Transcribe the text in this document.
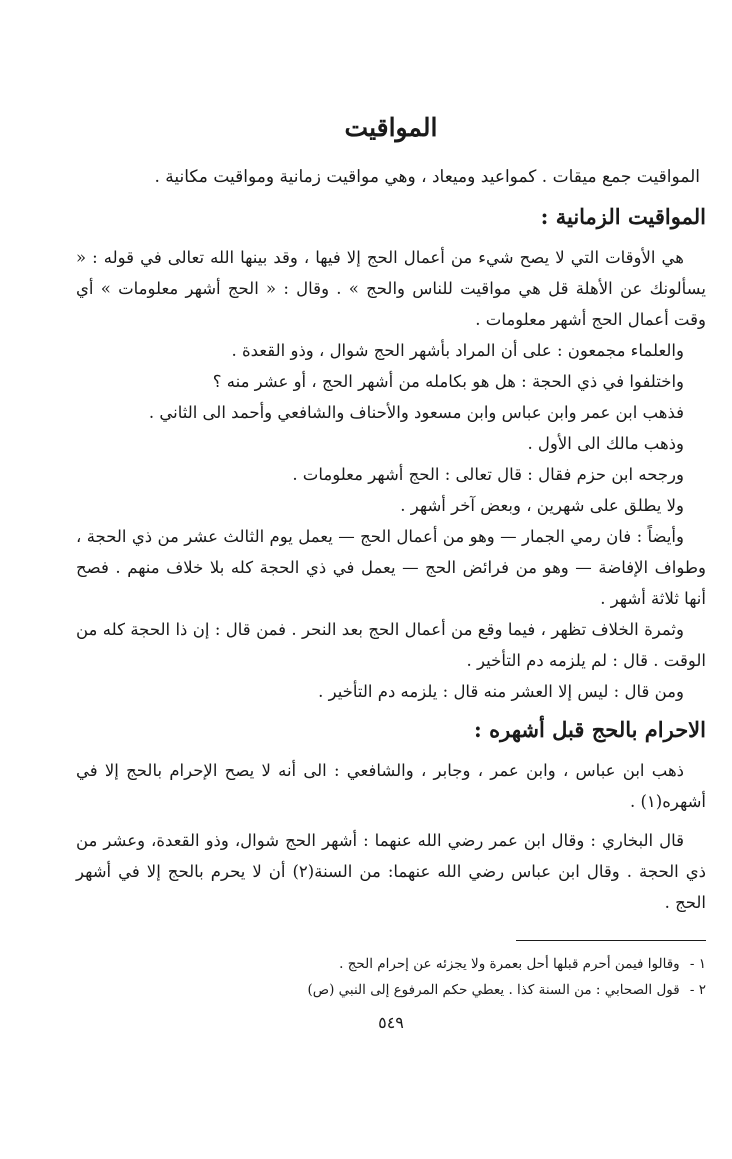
المواقيت

المواقيت جمع ميقات . كمواعيد وميعاد ، وهي مواقيت زمانية ومواقيت مكانية .

المواقيت الزمانية :

هي الأوقات التي لا يصح شيء من أعمال الحج إلا فيها ، وقد بينها الله تعالى في قوله : « يسألونك عن الأهلة قل هي مواقيت للناس والحج » . وقال : « الحج أشهر معلومات » أي وقت أعمال الحج أشهر معلومات .

والعلماء مجمعون : على أن المراد بأشهر الحج شوال ، وذو القعدة .

واختلفوا في ذي الحجة : هل هو بكامله من أشهر الحج ، أو عشر منه ؟

فذهب ابن عمر وابن عباس وابن مسعود والأحناف والشافعي وأحمد الى الثاني .

وذهب مالك الى الأول .

ورجحه ابن حزم فقال : قال تعالى : الحج أشهر معلومات .

ولا يطلق على شهرين ، وبعض آخر أشهر .

وأيضاً : فان رمي الجمار — وهو من أعمال الحج — يعمل يوم الثالث عشر من ذي الحجة ، وطواف الإفاضة — وهو من فرائض الحج — يعمل في ذي الحجة كله بلا خلاف منهم . فصح أنها ثلاثة أشهر .

وثمرة الخلاف تظهر ، فيما وقع من أعمال الحج بعد النحر . فمن قال : إن ذا الحجة كله من الوقت . قال : لم يلزمه دم التأخير .

ومن قال : ليس إلا العشر منه قال : يلزمه دم التأخير .

الاحرام بالحج قبل أشهره :

ذهب ابن عباس ، وابن عمر ، وجابر ، والشافعي : الى أنه لا يصح الإحرام بالحج إلا في أشهره(١) .

قال البخاري : وقال ابن عمر رضي الله عنهما : أشهر الحج شوال، وذو القعدة، وعشر من ذي الحجة . وقال ابن عباس رضي الله عنهما: من السنة(٢) أن لا يحرم بالحج إلا في أشهر الحج .

١ - وقالوا فيمن أحرم قبلها أحل بعمرة ولا يجزئه عن إحرام الحج .

٢ - قول الصحابي : من السنة كذا . يعطي حكم المرفوع إلى النبي (ص)

٥٤٩
